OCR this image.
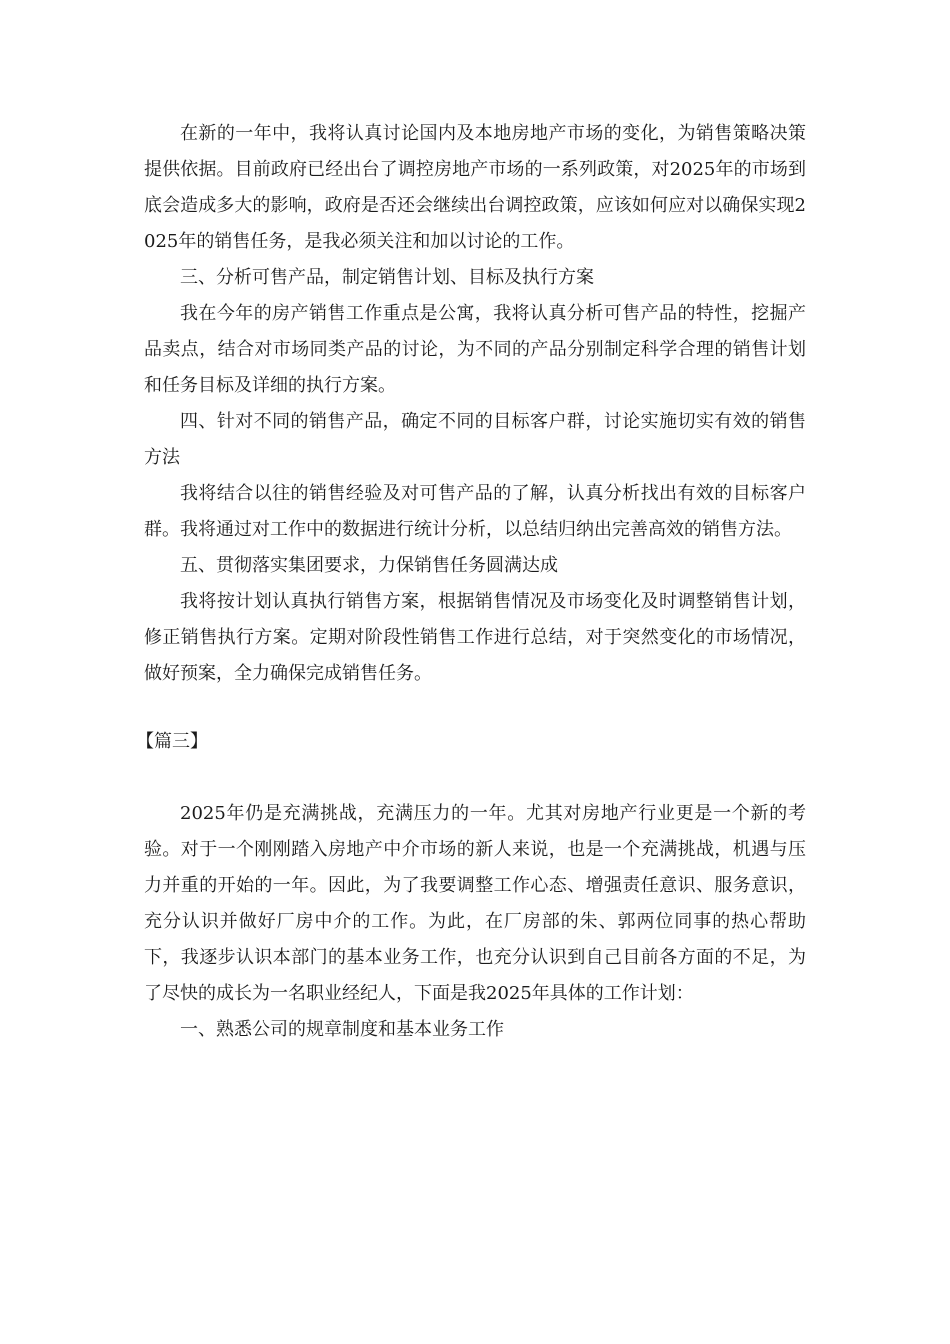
在新的一年中，我将认真讨论国内及本地房地产市场的变化，为销售策略决策提供依据。目前政府已经出台了调控房地产市场的一系列政策，对2025年的市场到底会造成多大的影响，政府是否还会继续出台调控政策，应该如何应对以确保实现2025年的销售任务，是我必须关注和加以讨论的工作。

三、分析可售产品，制定销售计划、目标及执行方案

我在今年的房产销售工作重点是公寓，我将认真分析可售产品的特性，挖掘产品卖点，结合对市场同类产品的讨论，为不同的产品分别制定科学合理的销售计划和任务目标及详细的执行方案。

四、针对不同的销售产品，确定不同的目标客户群，讨论实施切实有效的销售方法

我将结合以往的销售经验及对可售产品的了解，认真分析找出有效的目标客户群。我将通过对工作中的数据进行统计分析，以总结归纳出完善高效的销售方法。

五、贯彻落实集团要求，力保销售任务圆满达成

我将按计划认真执行销售方案，根据销售情况及市场变化及时调整销售计划，修正销售执行方案。定期对阶段性销售工作进行总结，对于突然变化的市场情况，做好预案，全力确保完成销售任务。

【篇三】

2025年仍是充满挑战，充满压力的一年。尤其对房地产行业更是一个新的考验。对于一个刚刚踏入房地产中介市场的新人来说，也是一个充满挑战，机遇与压力并重的开始的一年。因此，为了我要调整工作心态、增强责任意识、服务意识，充分认识并做好厂房中介的工作。为此，在厂房部的朱、郭两位同事的热心帮助下，我逐步认识本部门的基本业务工作，也充分认识到自己目前各方面的不足，为了尽快的成长为一名职业经纪人，下面是我2025年具体的工作计划：

一、熟悉公司的规章制度和基本业务工作
